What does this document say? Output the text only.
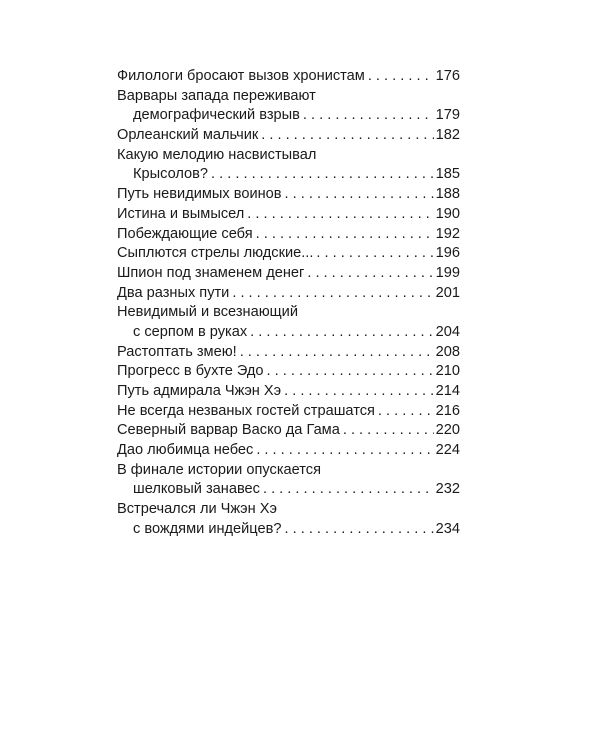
Филологи бросают вызов хронистам . . .	176
Варвары запада переживают
демографический взрыв . . .	179
Орлеанский мальчик . . .	182
Какую мелодию насвистывал
Крысолов? . . .	185
Путь невидимых воинов . . .	188
Истина и вымысел . . .	190
Побеждающие себя . . .	192
Сыплются стрелы людские... . . .	196
Шпион под знаменем денег . . .	199
Два разных пути . . .	201
Невидимый и всезнающий
с серпом в руках . . .	204
Растоптать змею! . . .	208
Прогресс в бухте Эдо . . .	210
Путь адмирала Чжэн Хэ . . .	214
Не всегда незваных гостей страшатся . . .	216
Северный варвар Васко да Гама . . .	220
Дао любимца небес . . .	224
В финале истории опускается
шелковый занавес . . .	232
Встречался ли Чжэн Хэ
с вождями индейцев? . . .	234
